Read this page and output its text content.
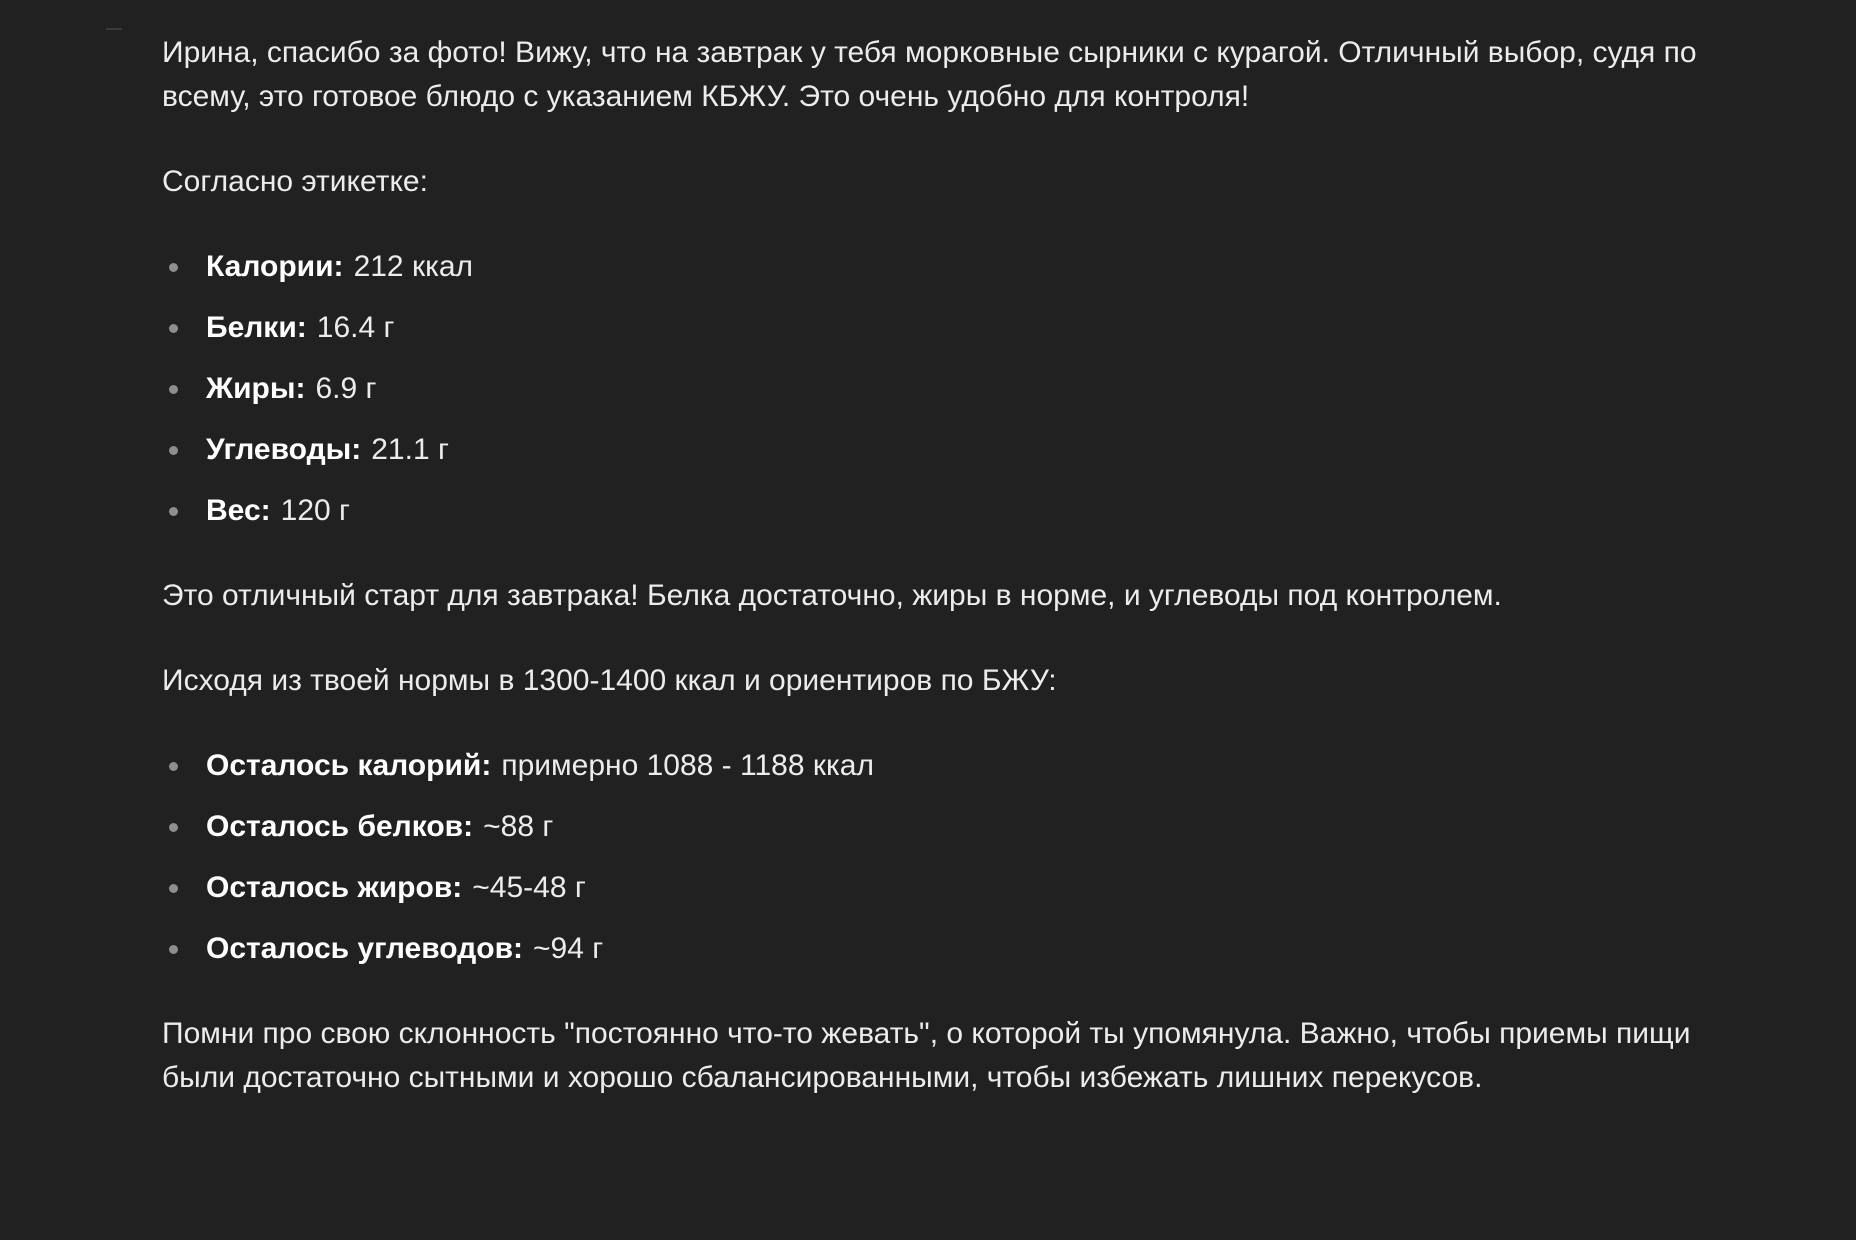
Ирина, спасибо за фото! Вижу, что на завтрак у тебя морковные сырники с курагой. Отличный выбор, судя по всему, это готовое блюдо с указанием КБЖУ. Это очень удобно для контроля!

Согласно этикетке:

Калории: 212 ккал
Белки: 16.4 г
Жиры: 6.9 г
Углеводы: 21.1 г
Вес: 120 г

Это отличный старт для завтрака! Белка достаточно, жиры в норме, и углеводы под контролем.

Исходя из твоей нормы в 1300-1400 ккал и ориентиров по БЖУ:

Осталось калорий: примерно 1088 - 1188 ккал
Осталось белков: ~88 г
Осталось жиров: ~45-48 г
Осталось углеводов: ~94 г

Помни про свою склонность "постоянно что-то жевать", о которой ты упомянула. Важно, чтобы приемы пищи были достаточно сытными и хорошо сбалансированными, чтобы избежать лишних перекусов.
